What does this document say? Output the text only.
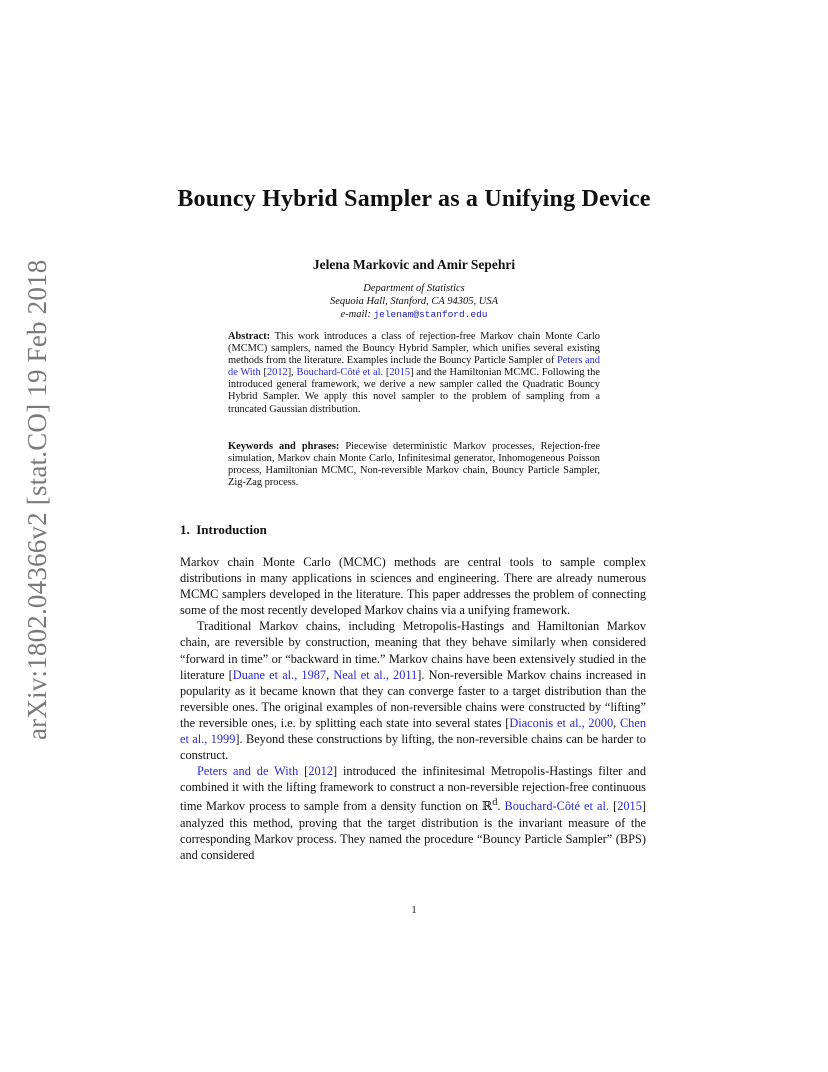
arXiv:1802.04366v2 [stat.CO] 19 Feb 2018
Bouncy Hybrid Sampler as a Unifying Device
Jelena Markovic and Amir Sepehri
Department of Statistics
Sequoia Hall, Stanford, CA 94305, USA
e-mail: jelenam@stanford.edu
Abstract: This work introduces a class of rejection-free Markov chain Monte Carlo (MCMC) samplers, named the Bouncy Hybrid Sampler, which unifies several existing methods from the literature. Examples include the Bouncy Particle Sampler of Peters and de With [2012], Bouchard-Côté et al. [2015] and the Hamiltonian MCMC. Following the introduced general framework, we derive a new sampler called the Quadratic Bouncy Hybrid Sampler. We apply this novel sampler to the problem of sampling from a truncated Gaussian distribution.
Keywords and phrases: Piecewise deterministic Markov processes, Rejection-free simulation, Markov chain Monte Carlo, Infinitesimal generator, Inhomogeneous Poisson process, Hamiltonian MCMC, Non-reversible Markov chain, Bouncy Particle Sampler, Zig-Zag process.
1. Introduction

Markov chain Monte Carlo (MCMC) methods are central tools to sample complex distributions in many applications in sciences and engineering. There are already numerous MCMC samplers developed in the literature. This paper addresses the problem of connecting some of the most recently developed Markov chains via a unifying framework.

Traditional Markov chains, including Metropolis-Hastings and Hamiltonian Markov chain, are reversible by construction, meaning that they behave similarly when considered “forward in time” or “backward in time.” Markov chains have been extensively studied in the literature [Duane et al., 1987, Neal et al., 2011]. Non-reversible Markov chains increased in popularity as it became known that they can converge faster to a target distribution than the reversible ones. The original examples of non-reversible chains were constructed by “lifting” the reversible ones, i.e. by splitting each state into several states [Diaconis et al., 2000, Chen et al., 1999]. Beyond these constructions by lifting, the non-reversible chains can be harder to construct.

Peters and de With [2012] introduced the infinitesimal Metropolis-Hastings filter and combined it with the lifting framework to construct a non-reversible rejection-free continuous time Markov process to sample from a density function on ℝ$^d$. Bouchard-Côté et al. [2015] analyzed this method, proving that the target distribution is the invariant measure of the corresponding Markov process. They named the procedure “Bouncy Particle Sampler” (BPS) and considered

1
